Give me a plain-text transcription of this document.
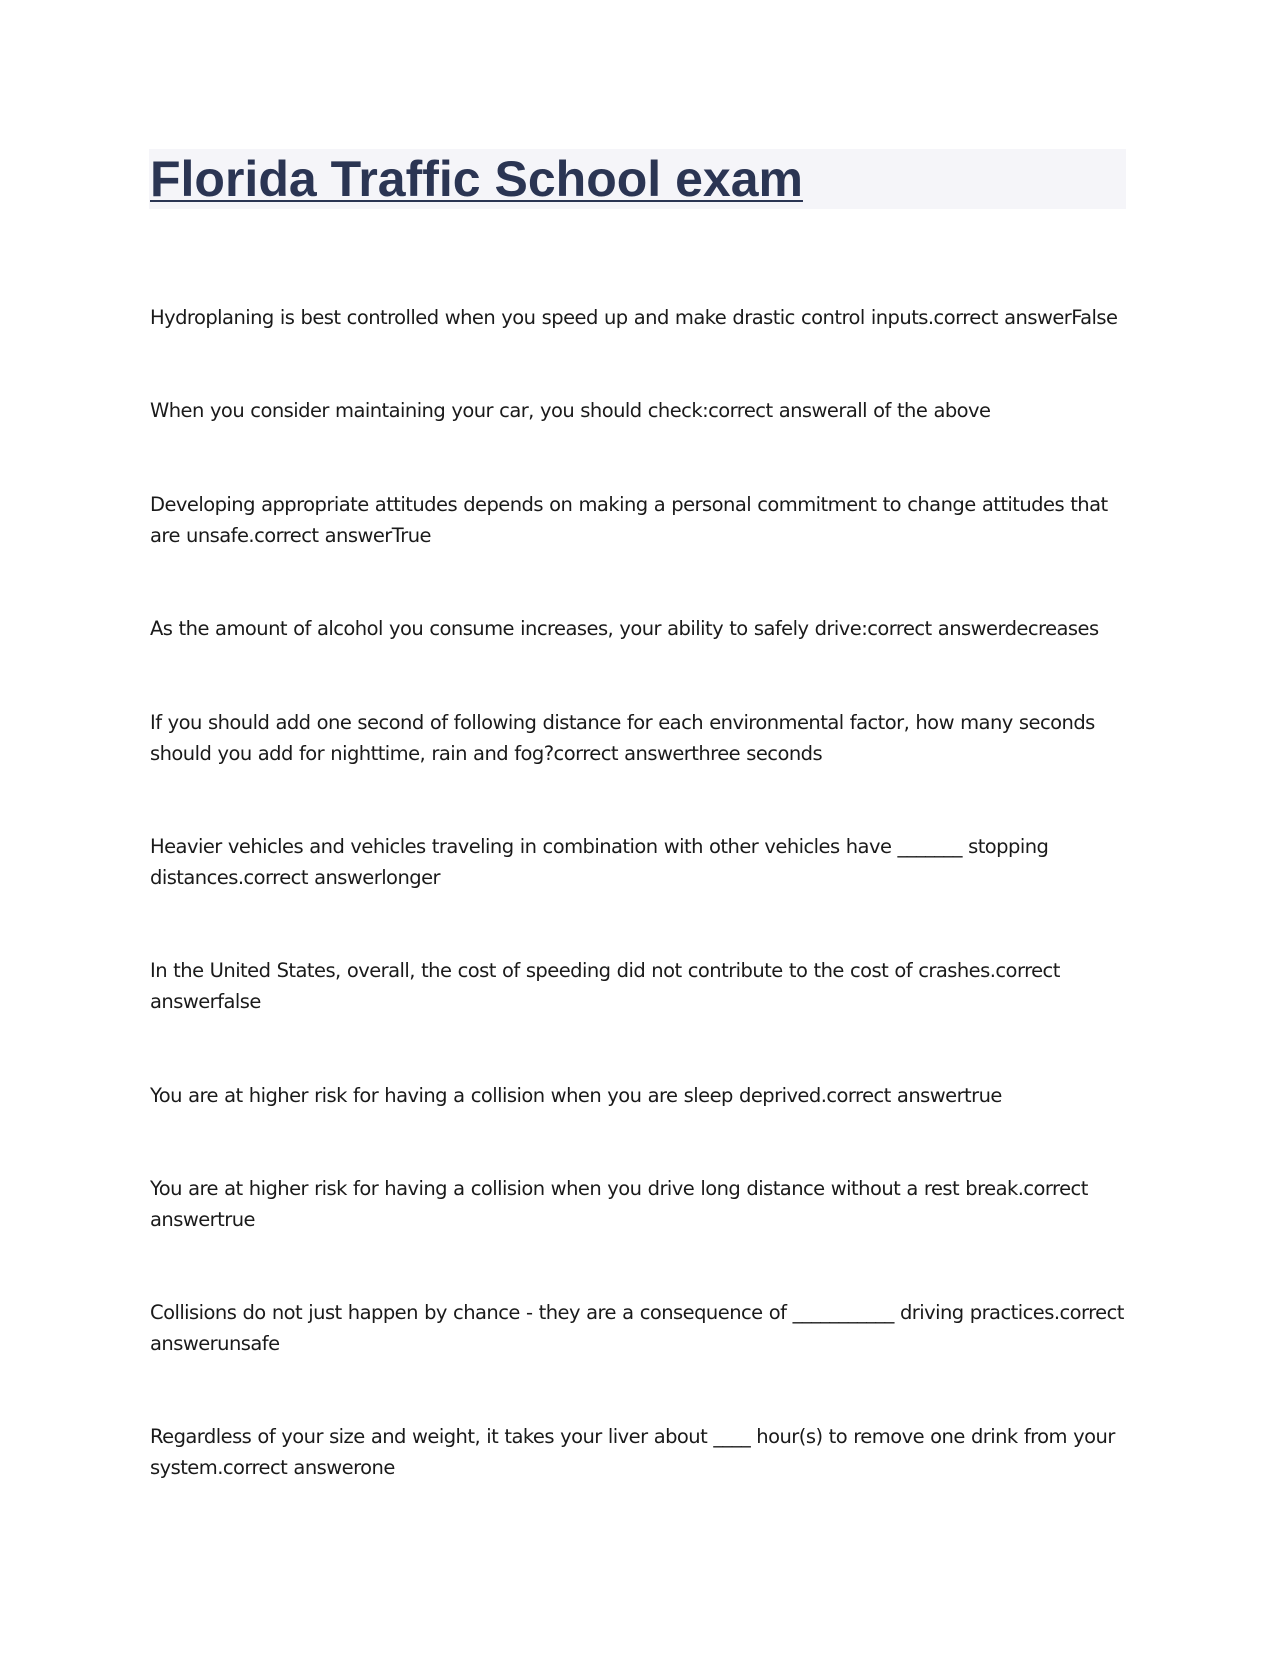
Florida Traffic School exam

Hydroplaning is best controlled when you speed up and make drastic control inputs.correct answerFalse

When you consider maintaining your car, you should check:correct answerall of the above

Developing appropriate attitudes depends on making a personal commitment to change attitudes that are unsafe.correct answerTrue

As the amount of alcohol you consume increases, your ability to safely drive:correct answerdecreases

If you should add one second of following distance for each environmental factor, how many seconds should you add for nighttime, rain and fog?correct answerthree seconds

Heavier vehicles and vehicles traveling in combination with other vehicles have _______ stopping distances.correct answerlonger

In the United States, overall, the cost of speeding did not contribute to the cost of crashes.correct answerfalse

You are at higher risk for having a collision when you are sleep deprived.correct answertrue

You are at higher risk for having a collision when you drive long distance without a rest break.correct answertrue

Collisions do not just happen by chance - they are a consequence of ___________ driving practices.correct answerunsafe

Regardless of your size and weight, it takes your liver about ____ hour(s) to remove one drink from your system.correct answerone
